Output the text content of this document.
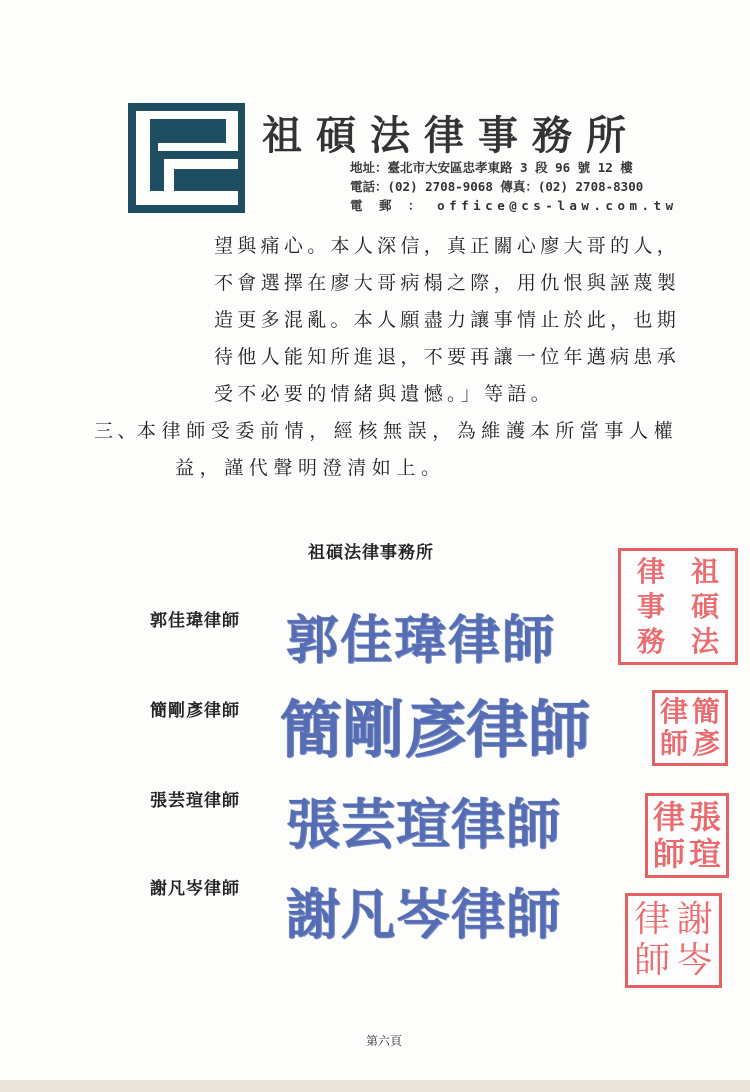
祖碩法律事務所
地址：臺北市大安區忠孝東路 3 段 96 號 12 樓
電話：(02) 2708-9068 傳真：(02) 2708-8300
電 郵 ： office@cs-law.com.tw
望與痛心。本人深信，真正關心廖大哥的人，
不會選擇在廖大哥病榻之際，用仇恨與誣蔑製
造更多混亂。本人願盡力讓事情止於此，也期
待他人能知所進退，不要再讓一位年邁病患承
受不必要的情緒與遺憾。」等語。
三、
本律師受委前情，經核無誤，為維護本所當事人權
益，謹代聲明澄清如上。
祖碩法律事務所
祖
碩
法
律
事
務
郭佳瑋律師 郭佳瑋律師
簡剛彥律師 簡剛彥律師	簡
彥
律
師
張芸瑄律師 張芸瑄律師	張
瑄
律
師
謝凡岑律師 謝凡岑律師	謝
岑
律
師
第六頁
